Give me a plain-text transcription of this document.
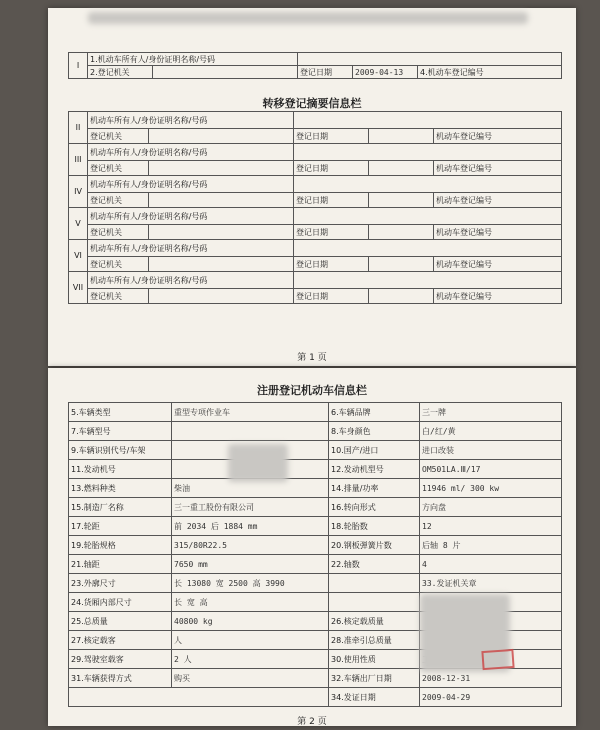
I	1.机动车所有人/身份证明名称/号码				
	2.登记机关		登记日期	2009-04-13	4.机动车登记编号
转移登记摘要信息栏
II	机动车所有人/身份证明名称/号码				
	登记机关		登记日期		机动车登记编号
III	机动车所有人/身份证明名称/号码				
	登记机关		登记日期		机动车登记编号
IV	机动车所有人/身份证明名称/号码				
	登记机关		登记日期		机动车登记编号
V	机动车所有人/身份证明名称/号码				
	登记机关		登记日期		机动车登记编号
VI	机动车所有人/身份证明名称/号码				
	登记机关		登记日期		机动车登记编号
VII	机动车所有人/身份证明名称/号码				
	登记机关		登记日期		机动车登记编号
第 1 页
注册登记机动车信息栏
5.车辆类型	重型专项作业车	6.车辆品牌	三一牌
7.车辆型号		8.车身颜色	白/红/黄
9.车辆识别代号/车架		10.国产/进口	进口改装
11.发动机号		12.发动机型号	OM501LA.Ⅲ/17
13.燃料种类	柴油	14.排量/功率	11946 ml/ 300 kw
15.制造厂名称	三一重工股份有限公司	16.转向形式	方向盘
17.轮距	前 2034 后 1884 mm	18.轮胎数	12
19.轮胎规格	315/80R22.5	20.钢板弹簧片数	后轴 8 片
21.轴距	7650 mm	22.轴数	4
23.外廓尺寸	长 13080 宽 2500 高 3990		33.发证机关章
24.货厢内部尺寸	长 宽 高		
25.总质量	40800 kg	26.核定载质量	
27.核定载客	人	28.准牵引总质量	
29.驾驶室载客	2 人	30.使用性质	
31.车辆获得方式	购买	32.车辆出厂日期	2008-12-31
		34.发证日期	2009-04-29

第 2 页
